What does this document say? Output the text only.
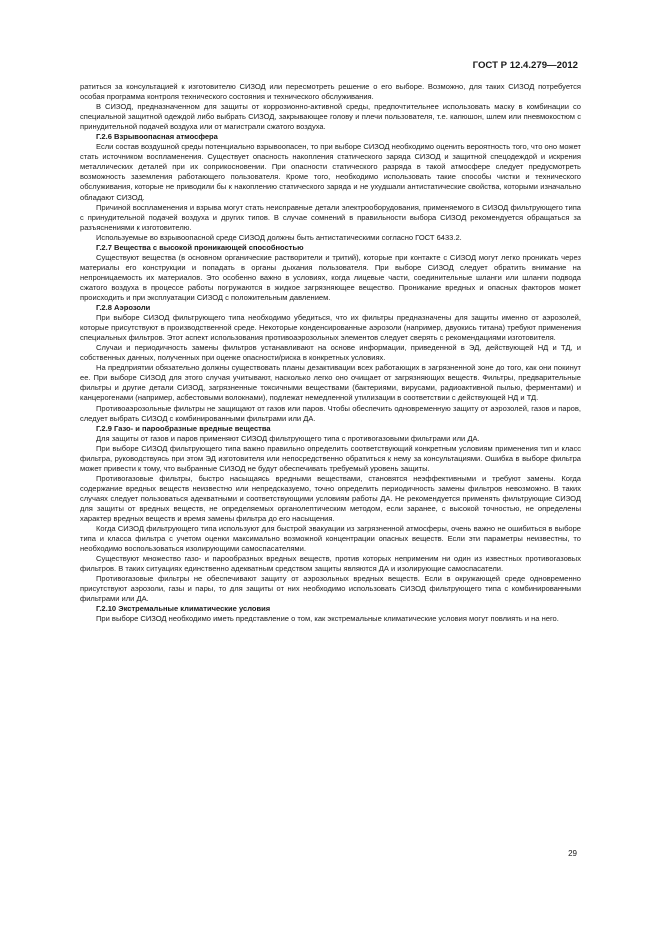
ГОСТ Р 12.4.279—2012

ратиться за консультацией к изготовителю СИЗОД или пересмотреть решение о его выборе. Возможно, для таких СИЗОД потребуется особая программа контроля технического состояния и технического обслуживания.

В СИЗОД, предназначенном для защиты от коррозионно-активной среды, предпочтительнее использовать маску в комбинации со специальной защитной одеждой либо выбрать СИЗОД, закрывающее голову и плечи пользователя, т.е. капюшон, шлем или пневмокостюм с принудительной подачей воздуха или от магистрали сжатого воздуха.

Г.2.6 Взрывоопасная атмосфера

Если состав воздушной среды потенциально взрывоопасен, то при выборе СИЗОД необходимо оценить вероятность того, что оно может стать источником воспламенения. Существует опасность накопления статического заряда СИЗОД и защитной спецодеждой и искрения металлических деталей при их соприкосновении. При опасности статического разряда в такой атмосфере следует предусмотреть возможность заземления работающего пользователя. Кроме того, необходимо использовать такие способы чистки и технического обслуживания, которые не приводили бы к накоплению статического заряда и не ухудшали антистатические свойства, которыми изначально обладают СИЗОД.

Причиной воспламенения и взрыва могут стать неисправные детали электрооборудования, применяемого в СИЗОД фильтрующего типа с принудительной подачей воздуха и других типов. В случае сомнений в правильности выбора СИЗОД рекомендуется обращаться за разъяснениями к изготовителю.

Используемые во взрывоопасной среде СИЗОД должны быть антистатическими согласно ГОСТ 6433.2.

Г.2.7 Вещества с высокой проникающей способностью

Существуют вещества (в основном органические растворители и тритий), которые при контакте с СИЗОД могут легко проникать через материалы его конструкции и попадать в органы дыхания пользователя. При выборе СИЗОД следует обратить внимание на непроницаемость их материалов. Это особенно важно в условиях, когда лицевые части, соединительные шланги или шланги подвода сжатого воздуха в процессе работы погружаются в жидкое загрязняющее вещество. Проникание вредных и опасных факторов может происходить и при эксплуатации СИЗОД с положительным давлением.

Г.2.8 Аэрозоли

При выборе СИЗОД фильтрующего типа необходимо убедиться, что их фильтры предназначены для защиты именно от аэрозолей, которые присутствуют в производственной среде. Некоторые конденсированные аэрозоли (например, двуокись титана) требуют применения специальных фильтров. Этот аспект использования противоаэрозольных элементов следует сверять с рекомендациями изготовителя.

Случаи и периодичность замены фильтров устанавливают на основе информации, приведенной в ЭД, действующей НД и ТД, и собственных данных, полученных при оценке опасности/риска в конкретных условиях.

На предприятии обязательно должны существовать планы дезактивации всех работающих в загрязненной зоне до того, как они покинут ее. При выборе СИЗОД для этого случая учитывают, насколько легко оно очищает от загрязняющих веществ. Фильтры, предварительные фильтры и другие детали СИЗОД, загрязненные токсичными веществами (бактериями, вирусами, радиоактивной пылью, ферментами) и канцерогенами (например, асбестовыми волокнами), подлежат немедленной утилизации в соответствии с действующей НД и ТД.

Противоаэрозольные фильтры не защищают от газов или паров. Чтобы обеспечить одновременную защиту от аэрозолей, газов и паров, следует выбрать СИЗОД с комбинированными фильтрами или ДА.

Г.2.9 Газо- и парообразные вредные вещества

Для защиты от газов и паров применяют СИЗОД фильтрующего типа с противогазовыми фильтрами или ДА.

При выборе СИЗОД фильтрующего типа важно правильно определить соответствующий конкретным условиям применения тип и класс фильтра, руководствуясь при этом ЭД изготовителя или непосредственно обратиться к нему за консультациями. Ошибка в выборе фильтра может привести к тому, что выбранные СИЗОД не будут обеспечивать требуемый уровень защиты.

Противогазовые фильтры, быстро насыщаясь вредными веществами, становятся неэффективными и требуют замены. Когда содержание вредных веществ неизвестно или непредсказуемо, точно определить периодичность замены фильтров невозможно. В таких случаях следует пользоваться адекватными и соответствующими условиям работы ДА. Не рекомендуется применять фильтрующие СИЗОД для защиты от вредных веществ, не определяемых органолептическим методом, если заранее, с высокой точностью, не определены характер вредных веществ и время замены фильтра до его насыщения.

Когда СИЗОД фильтрующего типа используют для быстрой эвакуации из загрязненной атмосферы, очень важно не ошибиться в выборе типа и класса фильтра с учетом оценки максимально возможной концентрации опасных веществ. Если эти параметры неизвестны, то необходимо воспользоваться изолирующими самоспасателями.

Существуют множество газо- и парообразных вредных веществ, против которых неприменим ни один из известных противогазовых фильтров. В таких ситуациях единственно адекватным средством защиты являются ДА и изолирующие самоспасатели.

Противогазовые фильтры не обеспечивают защиту от аэрозольных вредных веществ. Если в окружающей среде одновременно присутствуют аэрозоли, газы и пары, то для защиты от них необходимо использовать СИЗОД фильтрующего типа с комбинированными фильтрами или ДА.

Г.2.10 Экстремальные климатические условия

При выборе СИЗОД необходимо иметь представление о том, как экстремальные климатические условия могут повлиять и на него.

29
